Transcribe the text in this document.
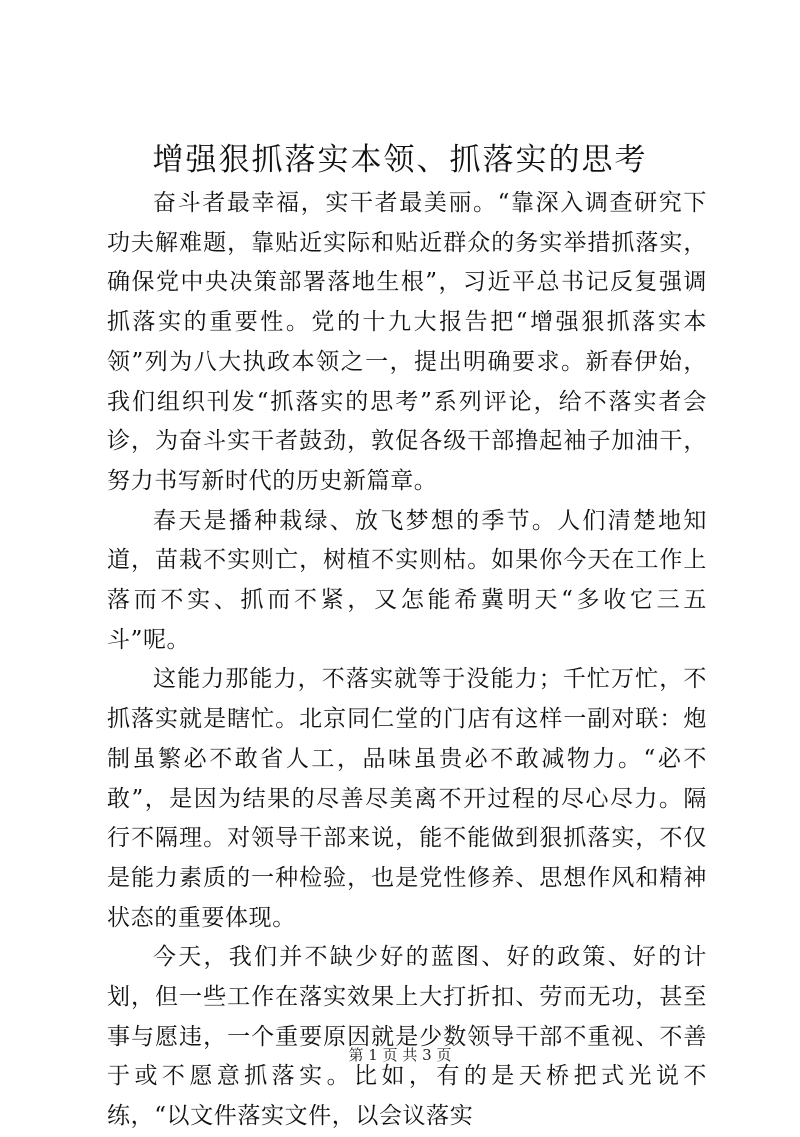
增强狠抓落实本领、抓落实的思考

奋斗者最幸福，实干者最美丽。“靠深入调查研究下功夫解难题，靠贴近实际和贴近群众的务实举措抓落实，确保党中央决策部署落地生根”，习近平总书记反复强调抓落实的重要性。党的十九大报告把“增强狠抓落实本领”列为八大执政本领之一，提出明确要求。新春伊始，我们组织刊发“抓落实的思考”系列评论，给不落实者会诊，为奋斗实干者鼓劲，敦促各级干部撸起袖子加油干，努力书写新时代的历史新篇章。

春天是播种栽绿、放飞梦想的季节。人们清楚地知道，苗栽不实则亡，树植不实则枯。如果你今天在工作上落而不实、抓而不紧，又怎能希冀明天“多收它三五斗”呢。

这能力那能力，不落实就等于没能力；千忙万忙，不抓落实就是瞎忙。北京同仁堂的门店有这样一副对联：炮制虽繁必不敢省人工，品味虽贵必不敢减物力。“必不敢”，是因为结果的尽善尽美离不开过程的尽心尽力。隔行不隔理。对领导干部来说，能不能做到狠抓落实，不仅是能力素质的一种检验，也是党性修养、思想作风和精神状态的重要体现。

今天，我们并不缺少好的蓝图、好的政策、好的计划，但一些工作在落实效果上大打折扣、劳而无功，甚至事与愿违，一个重要原因就是少数领导干部不重视、不善于或不愿意抓落实。比如，有的是天桥把式光说不练，“以文件落实文件，以会议落实

第 1 页 共 3 页
